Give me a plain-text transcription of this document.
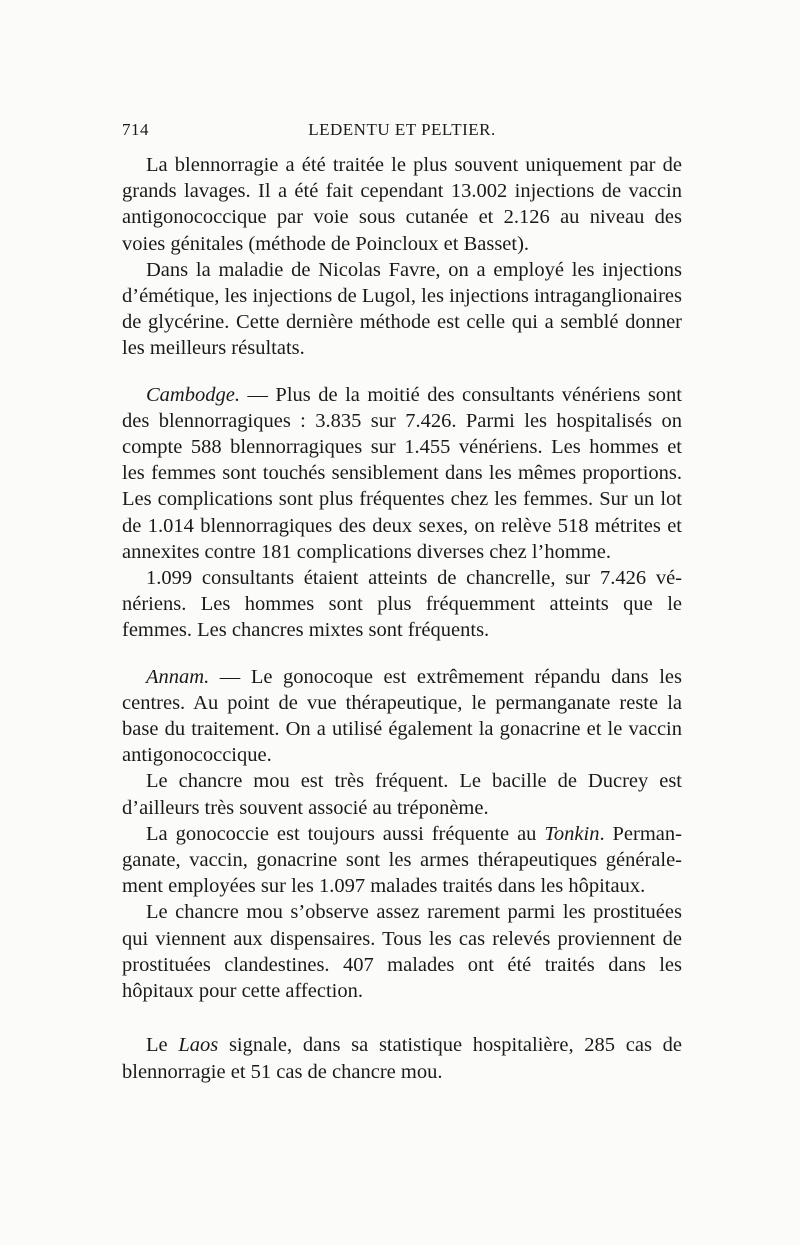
714	LEDENTU ET PELTIER.

La blennorragie a été traitée le plus souvent uniquement par de grands lavages. Il a été fait cependant 13.002 injections de vaccin antigonococcique par voie sous cutanée et 2.126 au niveau des voies génitales (méthode de Poincloux et Basset).

Dans la maladie de Nicolas Favre, on a employé les injections d’émétique, les injections de Lugol, les injections intraganglionaires de glycérine. Cette dernière méthode est celle qui a semblé donner les meilleurs résultats.

Cambodge. — Plus de la moitié des consultants vénériens sont des blennorragiques : 3.835 sur 7.426. Parmi les hospitalisés on compte 588 blennorragiques sur 1.455 vénériens. Les hommes et les femmes sont touchés sensiblement dans les mêmes proportions. Les complications sont plus fréquentes chez les femmes. Sur un lot de 1.014 blennorragiques des deux sexes, on relève 518 métrites et annexites contre 181 complications diverses chez l’homme.

1.099 consultants étaient atteints de chancrelle, sur 7.426 vénériens. Les hommes sont plus fréquemment atteints que le femmes. Les chancres mixtes sont fréquents.

Annam. — Le gonocoque est extrêmement répandu dans les centres. Au point de vue thérapeutique, le permanganate reste la base du traitement. On a utilisé également la gonacrine et le vaccin antigonococcique.

Le chancre mou est très fréquent. Le bacille de Ducrey est d’ailleurs très souvent associé au tréponème.

La gonococcie est toujours aussi fréquente au Tonkin. Permanganate, vaccin, gonacrine sont les armes thérapeutiques généralement employées sur les 1.097 malades traités dans les hôpitaux.

Le chancre mou s’observe assez rarement parmi les prostituées qui viennent aux dispensaires. Tous les cas relevés proviennent de prostituées clandestines. 407 malades ont été traités dans les hôpitaux pour cette affection.

Le Laos signale, dans sa statistique hospitalière, 285 cas de blennorragie et 51 cas de chancre mou.
